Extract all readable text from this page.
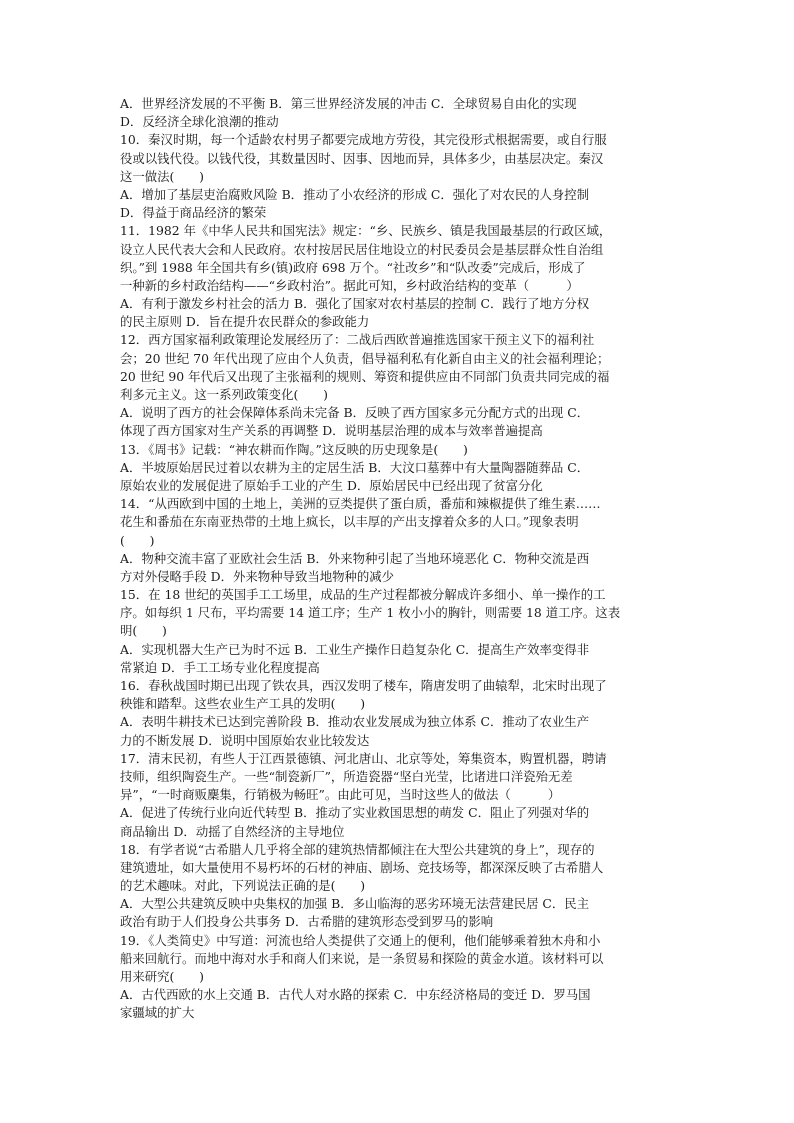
A．世界经济发展的不平衡 B．第三世界经济发展的冲击 C．全球贸易自由化的实现
D．反经济全球化浪潮的推动
10．秦汉时期，每一个适龄农村男子都要完成地方劳役，其完役形式根据需要，或自行服
役或以钱代役。以钱代役，其数量因时、因事、因地而异，具体多少，由基层决定。秦汉
这一做法(　　)
A．增加了基层吏治腐败风险 B．推动了小农经济的形成 C．强化了对农民的人身控制
D．得益于商品经济的繁荣
11．1982 年《中华人民共和国宪法》规定：“乡、民族乡、镇是我国最基层的行政区域，
设立人民代表大会和人民政府。农村按居民居住地设立的村民委员会是基层群众性自治组
织。”到 1988 年全国共有乡(镇)政府 698 万个。“社改乡”和“队改委”完成后，形成了
一种新的乡村政治结构——“乡政村治”。据此可知，乡村政治结构的变革（　　　）
A．有利于激发乡村社会的活力 B．强化了国家对农村基层的控制 C．践行了地方分权
的民主原则 D．旨在提升农民群众的参政能力
12．西方国家福利政策理论发展经历了：二战后西欧普遍推选国家干预主义下的福利社
会；20 世纪 70 年代出现了应由个人负责，倡导福利私有化新自由主义的社会福利理论；
20 世纪 90 年代后又出现了主张福利的规则、筹资和提供应由不同部门负责共同完成的福
利多元主义。这一系列政策变化(　　)
A．说明了西方的社会保障体系尚未完备 B．反映了西方国家多元分配方式的出现 C．
体现了西方国家对生产关系的再调整 D．说明基层治理的成本与效率普遍提高
13．《周书》记载：“神农耕而作陶。”这反映的历史现象是(　　)
A．半坡原始居民过着以农耕为主的定居生活 B．大汶口墓葬中有大量陶器随葬品 C．
原始农业的发展促进了原始手工业的产生 D．原始居民中已经出现了贫富分化
14．“从西欧到中国的土地上，美洲的豆类提供了蛋白质，番茄和辣椒提供了维生素……
花生和番茄在东南亚热带的土地上疯长，以丰厚的产出支撑着众多的人口。”现象表明
(　　)
A．物种交流丰富了亚欧社会生活 B．外来物种引起了当地环境恶化 C．物种交流是西
方对外侵略手段 D．外来物种导致当地物种的减少
15．在 18 世纪的英国手工工场里，成品的生产过程都被分解成许多细小、单一操作的工
序。如每织 1 尺布，平均需要 14 道工序；生产 1 枚小小的胸针，则需要 18 道工序。这表
明(　　)
A．实现机器大生产已为时不远 B．工业生产操作日趋复杂化 C．提高生产效率变得非
常紧迫 D．手工工场专业化程度提高
16．春秋战国时期已出现了铁农具，西汉发明了楼车，隋唐发明了曲辕犁，北宋时出现了
秧锥和踏犁。这些农业生产工具的发明(　　)
A．表明牛耕技术已达到完善阶段 B．推动农业发展成为独立体系 C．推动了农业生产
力的不断发展 D．说明中国原始农业比较发达
17．清末民初，有些人于江西景德镇、河北唐山、北京等处，筹集资本，购置机器，聘请
技师，组织陶瓷生产。一些“制瓷新厂”，所造瓷器“坚白光莹，比诸进口洋瓷殆无差
异”，“一时商贩麇集，行销极为畅旺”。由此可见，当时这些人的做法（　　　）
A．促进了传统行业向近代转型 B．推动了实业救国思想的萌发 C．阻止了列强对华的
商品输出 D．动摇了自然经济的主导地位
18．有学者说“古希腊人几乎将全部的建筑热情都倾注在大型公共建筑的身上”，现存的
建筑遗址，如大量使用不易朽坏的石材的神庙、剧场、竞技场等，都深深反映了古希腊人
的艺术趣味。对此，下列说法正确的是(　　)
A．大型公共建筑反映中央集权的加强 B．多山临海的恶劣环境无法营建民居 C．民主
政治有助于人们投身公共事务 D．古希腊的建筑形态受到罗马的影响
19．《人类简史》中写道：河流也给人类提供了交通上的便利，他们能够乘着独木舟和小
船来回航行。而地中海对水手和商人们来说，是一条贸易和探险的黄金水道。该材料可以
用来研究(　　)
A．古代西欧的水上交通 B．古代人对水路的探索 C．中东经济格局的变迁 D．罗马国
家疆域的扩大
